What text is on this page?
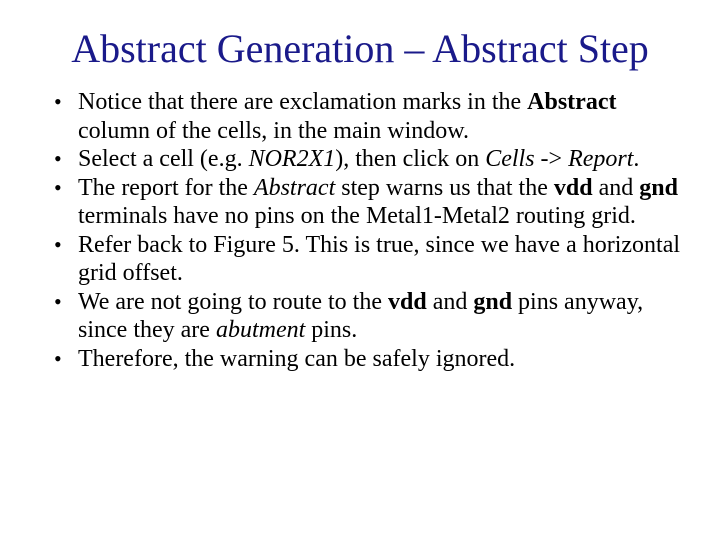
Abstract Generation – Abstract Step
• Notice that there are exclamation marks in the Abstract column of the cells, in the main window.
• Select a cell (e.g. NOR2X1), then click on Cells -> Report.
• The report for the Abstract step warns us that the vdd and gnd terminals have no pins on the Metal1-Metal2 routing grid.
• Refer back to Figure 5. This is true, since we have a horizontal grid offset.
• We are not going to route to the vdd and gnd pins anyway, since they are abutment pins.
• Therefore, the warning can be safely ignored.
